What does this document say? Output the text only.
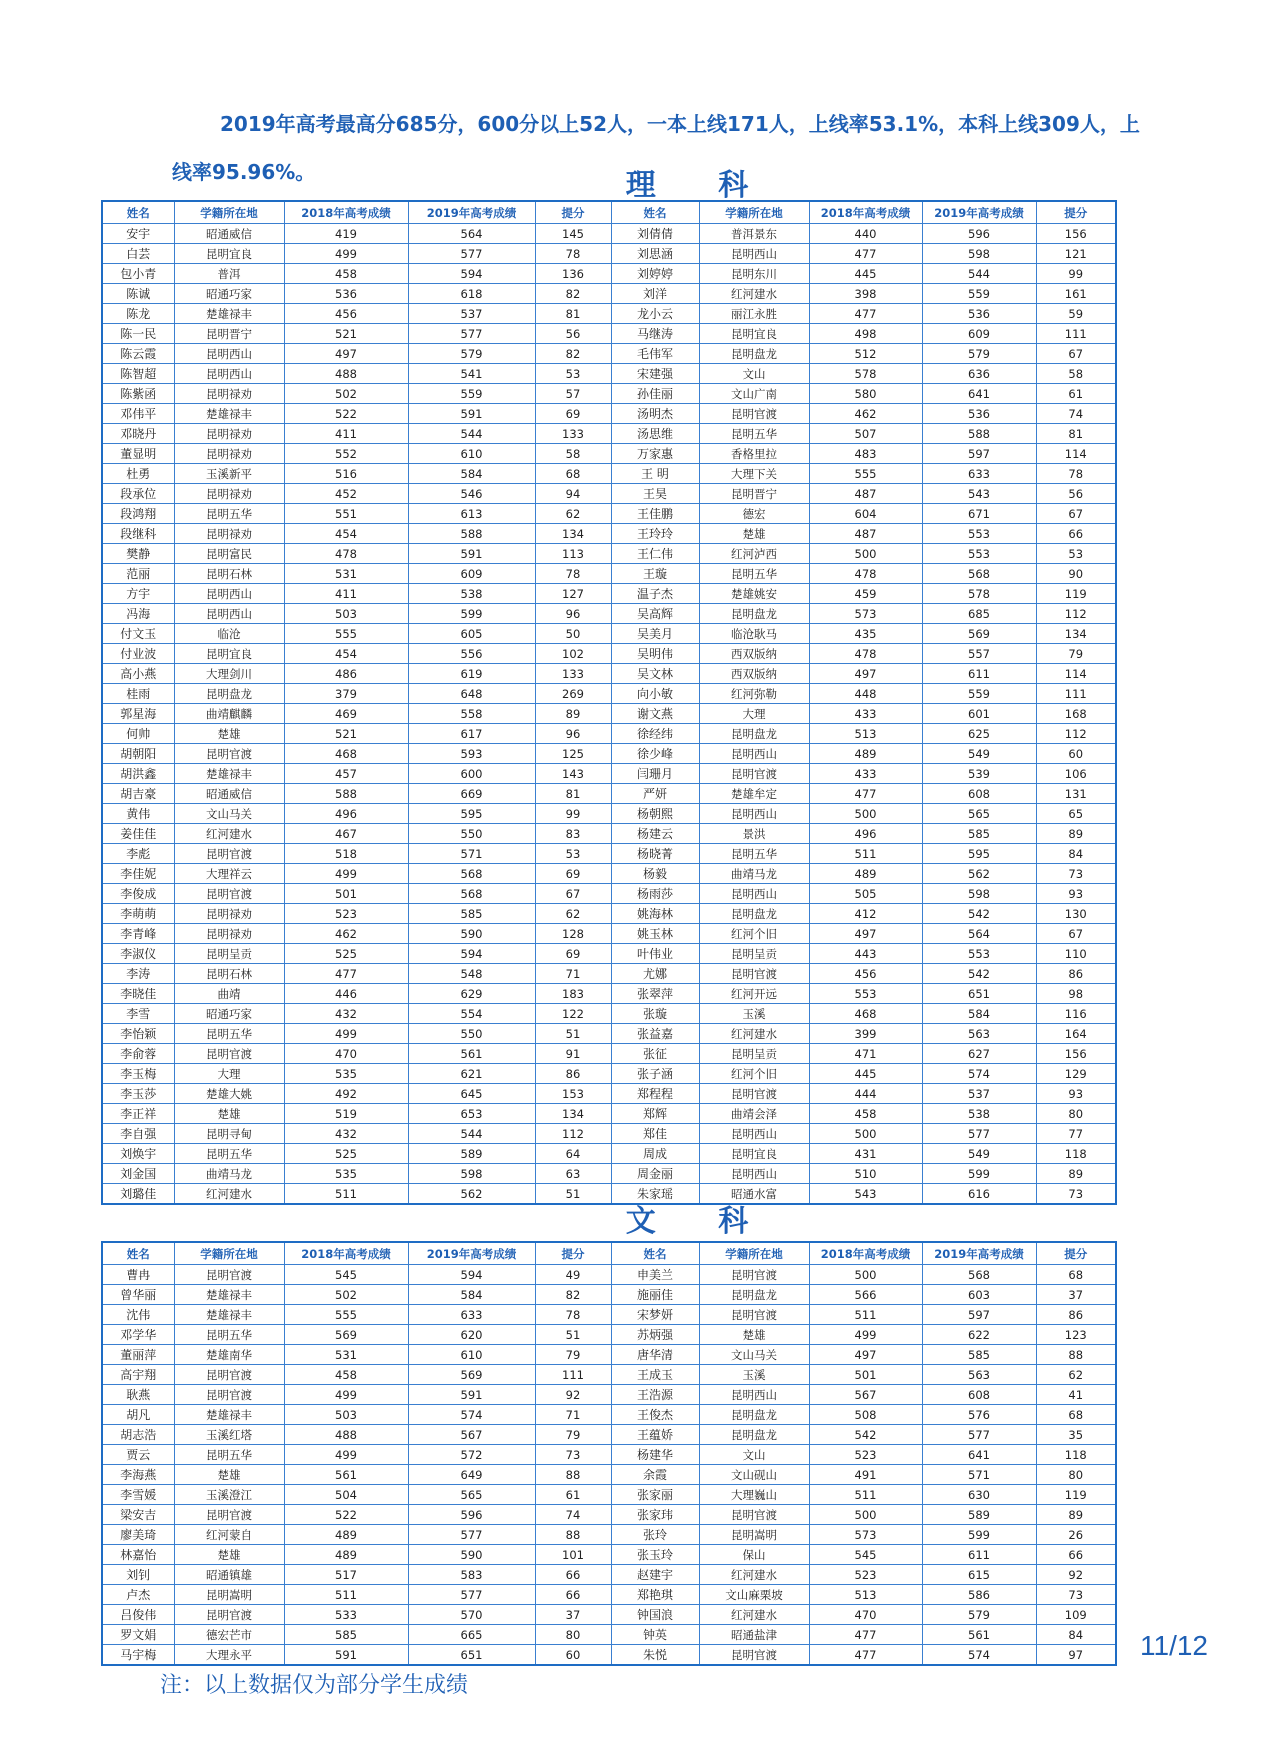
2019年高考最高分685分，600分以上52人，一本上线171人，上线率53.1%，本科上线309人，上线率95.96%。	理 科
姓名	学籍所在地	2018年高考成绩	2019年高考成绩	提分	姓名	学籍所在地	2018年高考成绩	2019年高考成绩	提分
安宇	昭通威信	419	564	145	刘倩倩	普洱景东	440	596	156
白芸	昆明宜良	499	577	78	刘思涵	昆明西山	477	598	121
包小青	普洱	458	594	136	刘婷婷	昆明东川	445	544	99
陈诚	昭通巧家	536	618	82	刘洋	红河建水	398	559	161
陈龙	楚雄禄丰	456	537	81	龙小云	丽江永胜	477	536	59
陈一民	昆明晋宁	521	577	56	马继涛	昆明宜良	498	609	111
陈云霞	昆明西山	497	579	82	毛伟军	昆明盘龙	512	579	67
陈智超	昆明西山	488	541	53	宋建强	文山	578	636	58
陈紫函	昆明禄劝	502	559	57	孙佳丽	文山广南	580	641	61
邓伟平	楚雄禄丰	522	591	69	汤明杰	昆明官渡	462	536	74
邓晓丹	昆明禄劝	411	544	133	汤思维	昆明五华	507	588	81
董显明	昆明禄劝	552	610	58	万家惠	香格里拉	483	597	114
杜勇	玉溪新平	516	584	68	王 明	大理下关	555	633	78
段承位	昆明禄劝	452	546	94	王昊	昆明晋宁	487	543	56
段鸿翔	昆明五华	551	613	62	王佳鹏	德宏	604	671	67
段继科	昆明禄劝	454	588	134	王玲玲	楚雄	487	553	66
樊静	昆明富民	478	591	113	王仁伟	红河泸西	500	553	53
范丽	昆明石林	531	609	78	王璇	昆明五华	478	568	90
方宇	昆明西山	411	538	127	温子杰	楚雄姚安	459	578	119
冯海	昆明西山	503	599	96	吴高辉	昆明盘龙	573	685	112
付文玉	临沧	555	605	50	吴美月	临沧耿马	435	569	134
付业波	昆明宜良	454	556	102	吴明伟	西双版纳	478	557	79
高小燕	大理剑川	486	619	133	吴文林	西双版纳	497	611	114
桂雨	昆明盘龙	379	648	269	向小敏	红河弥勒	448	559	111
郭星海	曲靖麒麟	469	558	89	谢文燕	大理	433	601	168
何帅	楚雄	521	617	96	徐经纬	昆明盘龙	513	625	112
胡朝阳	昆明官渡	468	593	125	徐少峰	昆明西山	489	549	60
胡洪鑫	楚雄禄丰	457	600	143	闫珊月	昆明官渡	433	539	106
胡吉豪	昭通威信	588	669	81	严妍	楚雄牟定	477	608	131
黄伟	文山马关	496	595	99	杨朝熙	昆明西山	500	565	65
姜佳佳	红河建水	467	550	83	杨建云	景洪	496	585	89
李彪	昆明官渡	518	571	53	杨晓菁	昆明五华	511	595	84
李佳妮	大理祥云	499	568	69	杨毅	曲靖马龙	489	562	73
李俊成	昆明官渡	501	568	67	杨雨莎	昆明西山	505	598	93
李萌萌	昆明禄劝	523	585	62	姚海林	昆明盘龙	412	542	130
李青峰	昆明禄劝	462	590	128	姚玉林	红河个旧	497	564	67
李淑仪	昆明呈贡	525	594	69	叶伟业	昆明呈贡	443	553	110
李涛	昆明石林	477	548	71	尤娜	昆明官渡	456	542	86
李晓佳	曲靖	446	629	183	张翠萍	红河开远	553	651	98
李雪	昭通巧家	432	554	122	张璇	玉溪	468	584	116
李怡颖	昆明五华	499	550	51	张益嘉	红河建水	399	563	164
李俞蓉	昆明官渡	470	561	91	张征	昆明呈贡	471	627	156
李玉梅	大理	535	621	86	张子涵	红河个旧	445	574	129
李玉莎	楚雄大姚	492	645	153	郑程程	昆明官渡	444	537	93
李正祥	楚雄	519	653	134	郑辉	曲靖会泽	458	538	80
李自强	昆明寻甸	432	544	112	郑佳	昆明西山	500	577	77
刘焕宇	昆明五华	525	589	64	周成	昆明宜良	431	549	118
刘金国	曲靖马龙	535	598	63	周金丽	昆明西山	510	599	89
刘璐佳	红河建水	511	562	51	朱家瑶	昭通水富	543	616	73
文 科
姓名	学籍所在地	2018年高考成绩	2019年高考成绩	提分	姓名	学籍所在地	2018年高考成绩	2019年高考成绩	提分
曹冉	昆明官渡	545	594	49	申美兰	昆明官渡	500	568	68
曾华丽	楚雄禄丰	502	584	82	施丽佳	昆明盘龙	566	603	37
沈伟	楚雄禄丰	555	633	78	宋梦妍	昆明官渡	511	597	86
邓学华	昆明五华	569	620	51	苏炳强	楚雄	499	622	123
董丽萍	楚雄南华	531	610	79	唐华清	文山马关	497	585	88
高宇翔	昆明官渡	458	569	111	王成玉	玉溪	501	563	62
耿燕	昆明官渡	499	591	92	王浩源	昆明西山	567	608	41
胡凡	楚雄禄丰	503	574	71	王俊杰	昆明盘龙	508	576	68
胡志浩	玉溪红塔	488	567	79	王蕴娇	昆明盘龙	542	577	35
贾云	昆明五华	499	572	73	杨建华	文山	523	641	118
李海燕	楚雄	561	649	88	余霞	文山砚山	491	571	80
李雪媛	玉溪澄江	504	565	61	张家丽	大理巍山	511	630	119
梁安吉	昆明官渡	522	596	74	张家玮	昆明官渡	500	589	89
廖美琦	红河蒙自	489	577	88	张玲	昆明嵩明	573	599	26
林嘉怡	楚雄	489	590	101	张玉玲	保山	545	611	66
刘钊	昭通镇雄	517	583	66	赵建宇	红河建水	523	615	92
卢杰	昆明嵩明	511	577	66	郑艳琪	文山麻栗坡	513	586	73
吕俊伟	昆明官渡	533	570	37	钟国浪	红河建水	470	579	109
罗文娟	德宏芒市	585	665	80	钟英	昭通盐津	477	561	84
马宇梅	大理永平	591	651	60	朱悦	昆明官渡	477	574	97 11/12
注：以上数据仅为部分学生成绩
